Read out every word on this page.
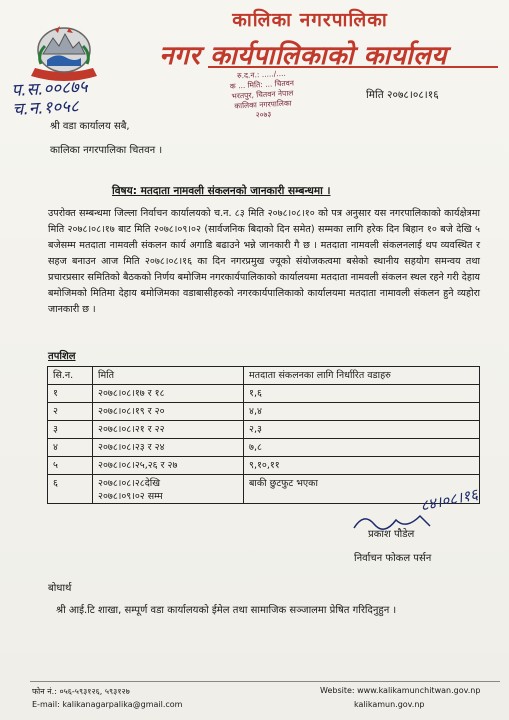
कालिका नगरपालिका
नगर कार्यपालिकाको कार्यालय
रु.द.न.: ...../....
क ... मिति: ... चितवन
भरतपुर, चितवन नेपाल
कालिका नगरपालिका
२०७३
प.स.००८७५
च.न.१०५८
मिति २०७८।०८।१६
श्री वडा कार्यालय सबै,
कालिका नगरपालिका चितवन ।
विषय: मतदाता नामवली संकलनको जानकारी सम्बन्धमा ।
उपरोक्त सम्बन्धमा जिल्ला निर्वाचन कार्यालयको च.न. ८३ मिति २०७८।०८।१० को पत्र अनुसार यस नगरपालिकाको कार्यक्षेत्रमा मिति २०७८।०८।१७ बाट मिति २०७८।०९।०२ (सार्वजनिक बिदाको दिन समेत) सम्मका लागि हरेक दिन बिहान १० बजे देखि ५ बजेसम्म मतदाता नामवली संकलन कार्य अगाडि बढाउने भन्ने जानकारी गै छ । मतदाता नामवली संकलनलाई थप व्यवस्थित र सहज बनाउन आज मिति २०७८।०८।१६ का दिन नगरप्रमुख ज्यूको संयोजकत्वमा बसेको स्थानीय सहयोग समन्वय तथा प्रचारप्रसार समितिको बैठकको निर्णय बमोजिम नगरकार्यपालिकाको कार्यालयमा मतदाता नामवली संकलन स्थल रहने गरी देहाय बमोजिमको मितिमा देहाय बमोजिमका वडाबासीहरुको नगरकार्यपालिकाको कार्यालयमा मतदाता नामावली संकलन हुने व्यहोरा जानकारी छ ।
तपशिल
सि.न.	मिति	मतदाता संकलनका लागि निर्धारित वडाहरु
१	२०७८।०८।१७ र १८	१,६
२	२०७८।०८।१९ र २०	४,४
३	२०७८।०८।२१ र २२	२,३
४	२०७८।०८।२३ र २४	७,८
५	२०७८।०८।२५,२६ र २७	९,१०,११
६	२०७८।०८।२८देखि
२०७८।०९।०२ सम्म	बाकी छुटफुट भएका
८४।०८।१६
प्रकाश पौडेल
निर्वाचन फोकल पर्सन
बोधार्थ
श्री आई.टि शाखा, सम्पूर्ण वडा कार्यालयको ईमेल तथा सामाजिक सञ्जालमा प्रेषित गरिदिनुहुन ।
फोन नं.: ०५६-५९३१२६, ५९३१२७
E-mail: kalikanagarpalika@gmail.com
Website: www.kalikamunchitwan.gov.np
kalikamun.gov.np
